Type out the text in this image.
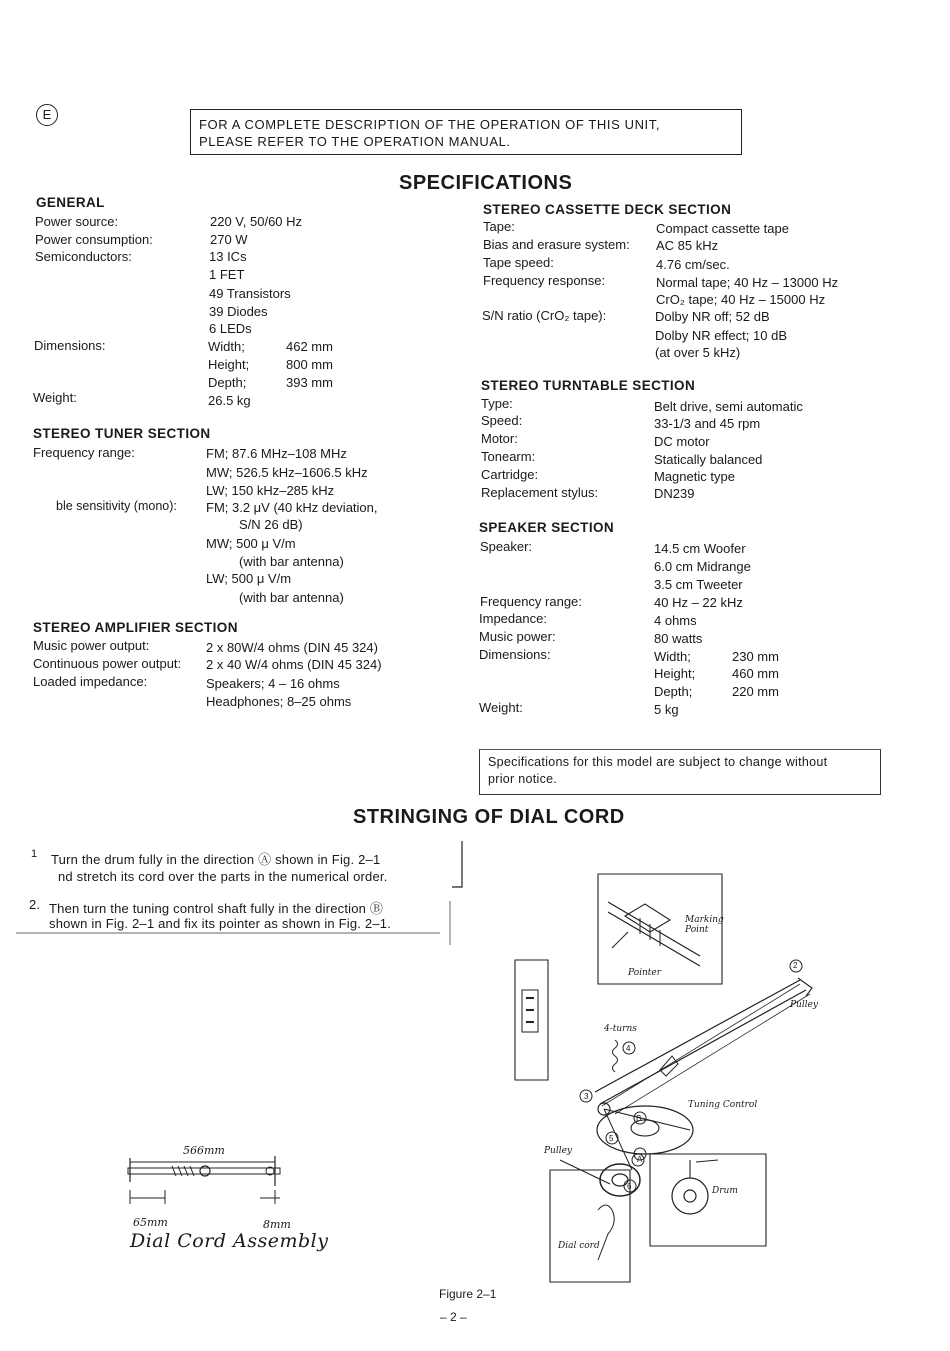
E
FOR A COMPLETE DESCRIPTION OF THE OPERATION OF THIS UNIT,
PLEASE REFER TO THE OPERATION MANUAL.
SPECIFICATIONS
GENERAL
Power source:	220 V, 50/60 Hz
Power consumption:	270 W
Semiconductors:	13 ICs
1 FET
49 Transistors
39 Diodes
6 LEDs
Dimensions:	Width;	462 mm
Height;	800 mm
Depth;	393 mm
Weight:	26.5 kg
STEREO TUNER SECTION
Frequency range:	FM; 87.6 MHz–108 MHz
MW; 526.5 kHz–1606.5 kHz
LW; 150 kHz–285 kHz
ble sensitivity (mono): FM; 3.2 μV (40 kHz deviation,
S/N 26 dB)
MW; 500 μ V/m
(with bar antenna)
LW; 500 μ V/m
(with bar antenna)
STEREO AMPLIFIER SECTION
Music power output:	2 x 80W/4 ohms (DIN 45 324)
Continuous power output: 2 x 40 W/4 ohms (DIN 45 324)
Loaded impedance:	Speakers; 4 – 16 ohms
Headphones; 8–25 ohms
STEREO CASSETTE DECK SECTION
Tape:	Compact cassette tape
Bias and erasure system: AC 85 kHz
Tape speed:	4.76 cm/sec.
Frequency response:	Normal tape; 40 Hz – 13000 Hz
CrO₂ tape; 40 Hz – 15000 Hz
S/N ratio (CrO₂ tape):	Dolby NR off; 52 dB
Dolby NR effect; 10 dB
(at over 5 kHz)
STEREO TURNTABLE SECTION
Type:	Belt drive, semi automatic
Speed:	33-1/3 and 45 rpm
Motor:	DC motor
Tonearm:	Statically balanced
Cartridge:	Magnetic type
Replacement stylus:	DN239
SPEAKER SECTION
Speaker:	14.5 cm Woofer
6.0 cm Midrange
3.5 cm Tweeter
Frequency range:	40 Hz – 22 kHz
Impedance:	4 ohms
Music power:	80 watts
Dimensions:	Width;	230 mm
Height;	460 mm
Depth;	220 mm
Weight:	5 kg
Specifications for this model are subject to change without
prior notice.
STRINGING OF DIAL CORD
1 Turn the drum fully in the direction Ⓐ shown in Fig. 2–1
nd stretch its cord over the parts in the numerical order.
2. Then turn the tuning control shaft fully in the direction Ⓑ
shown in Fig. 2–1 and fix its pointer as shown in Fig. 2–1.
566mm
65mm	8mm
Dial Cord Assembly
Marking Point
Pointer
Pulley
4-turns
Tuning Control
Pulley
Drum
Dial cord
2
3
4
5
6
A
B
Figure 2–1
– 2 –
